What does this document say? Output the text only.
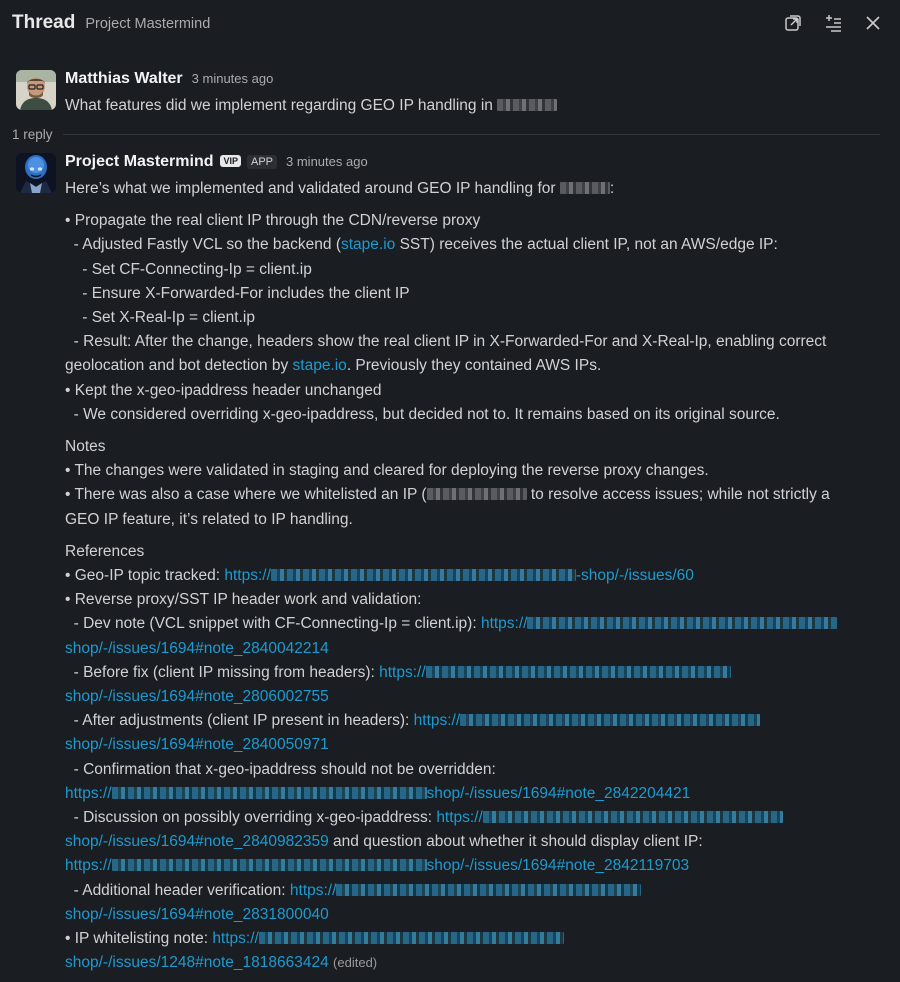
Thread Project Mastermind
Matthias Walter 3 minutes ago
What features did we implement regarding GEO IP handling in
1 reply
Project Mastermind	VIP	APP	3 minutes ago
Here’s what we implemented and validated around GEO IP handling for	:
• Propagate the real client IP through the CDN/reverse proxy
- Adjusted Fastly VCL so the backend (stape.io SST) receives the actual client IP, not an AWS/edge IP:
- Set CF-Connecting-Ip = client.ip
- Ensure X-Forwarded-For includes the client IP
- Set X-Real-Ip = client.ip
- Result: After the change, headers show the real client IP in X-Forwarded-For and X-Real-Ip, enabling correct
geolocation and bot detection by stape.io. Previously they contained AWS IPs.
• Kept the x-geo-ipaddress header unchanged
- We considered overriding x-geo-ipaddress, but decided not to. It remains based on its original source.
Notes
• The changes were validated in staging and cleared for deploying the reverse proxy changes.
• There was also a case where we whitelisted an IP (	to resolve access issues; while not strictly a
GEO IP feature, it’s related to IP handling.
References
• Geo-IP topic tracked: https://	-shop/-/issues/60
• Reverse proxy/SST IP header work and validation:
- Dev note (VCL snippet with CF-Connecting-Ip = client.ip): https://
shop/-/issues/1694#note_2840042214
- Before fix (client IP missing from headers): https://
shop/-/issues/1694#note_2806002755
- After adjustments (client IP present in headers): https://
shop/-/issues/1694#note_2840050971
- Confirmation that x-geo-ipaddress should not be overridden:
https://	shop/-/issues/1694#note_2842204421
- Discussion on possibly overriding x-geo-ipaddress: https://
shop/-/issues/1694#note_2840982359 and question about whether it should display client IP:
https://	shop/-/issues/1694#note_2842119703
- Additional header verification: https://
shop/-/issues/1694#note_2831800040
• IP whitelisting note: https://
shop/-/issues/1248#note_1818663424 (edited)
